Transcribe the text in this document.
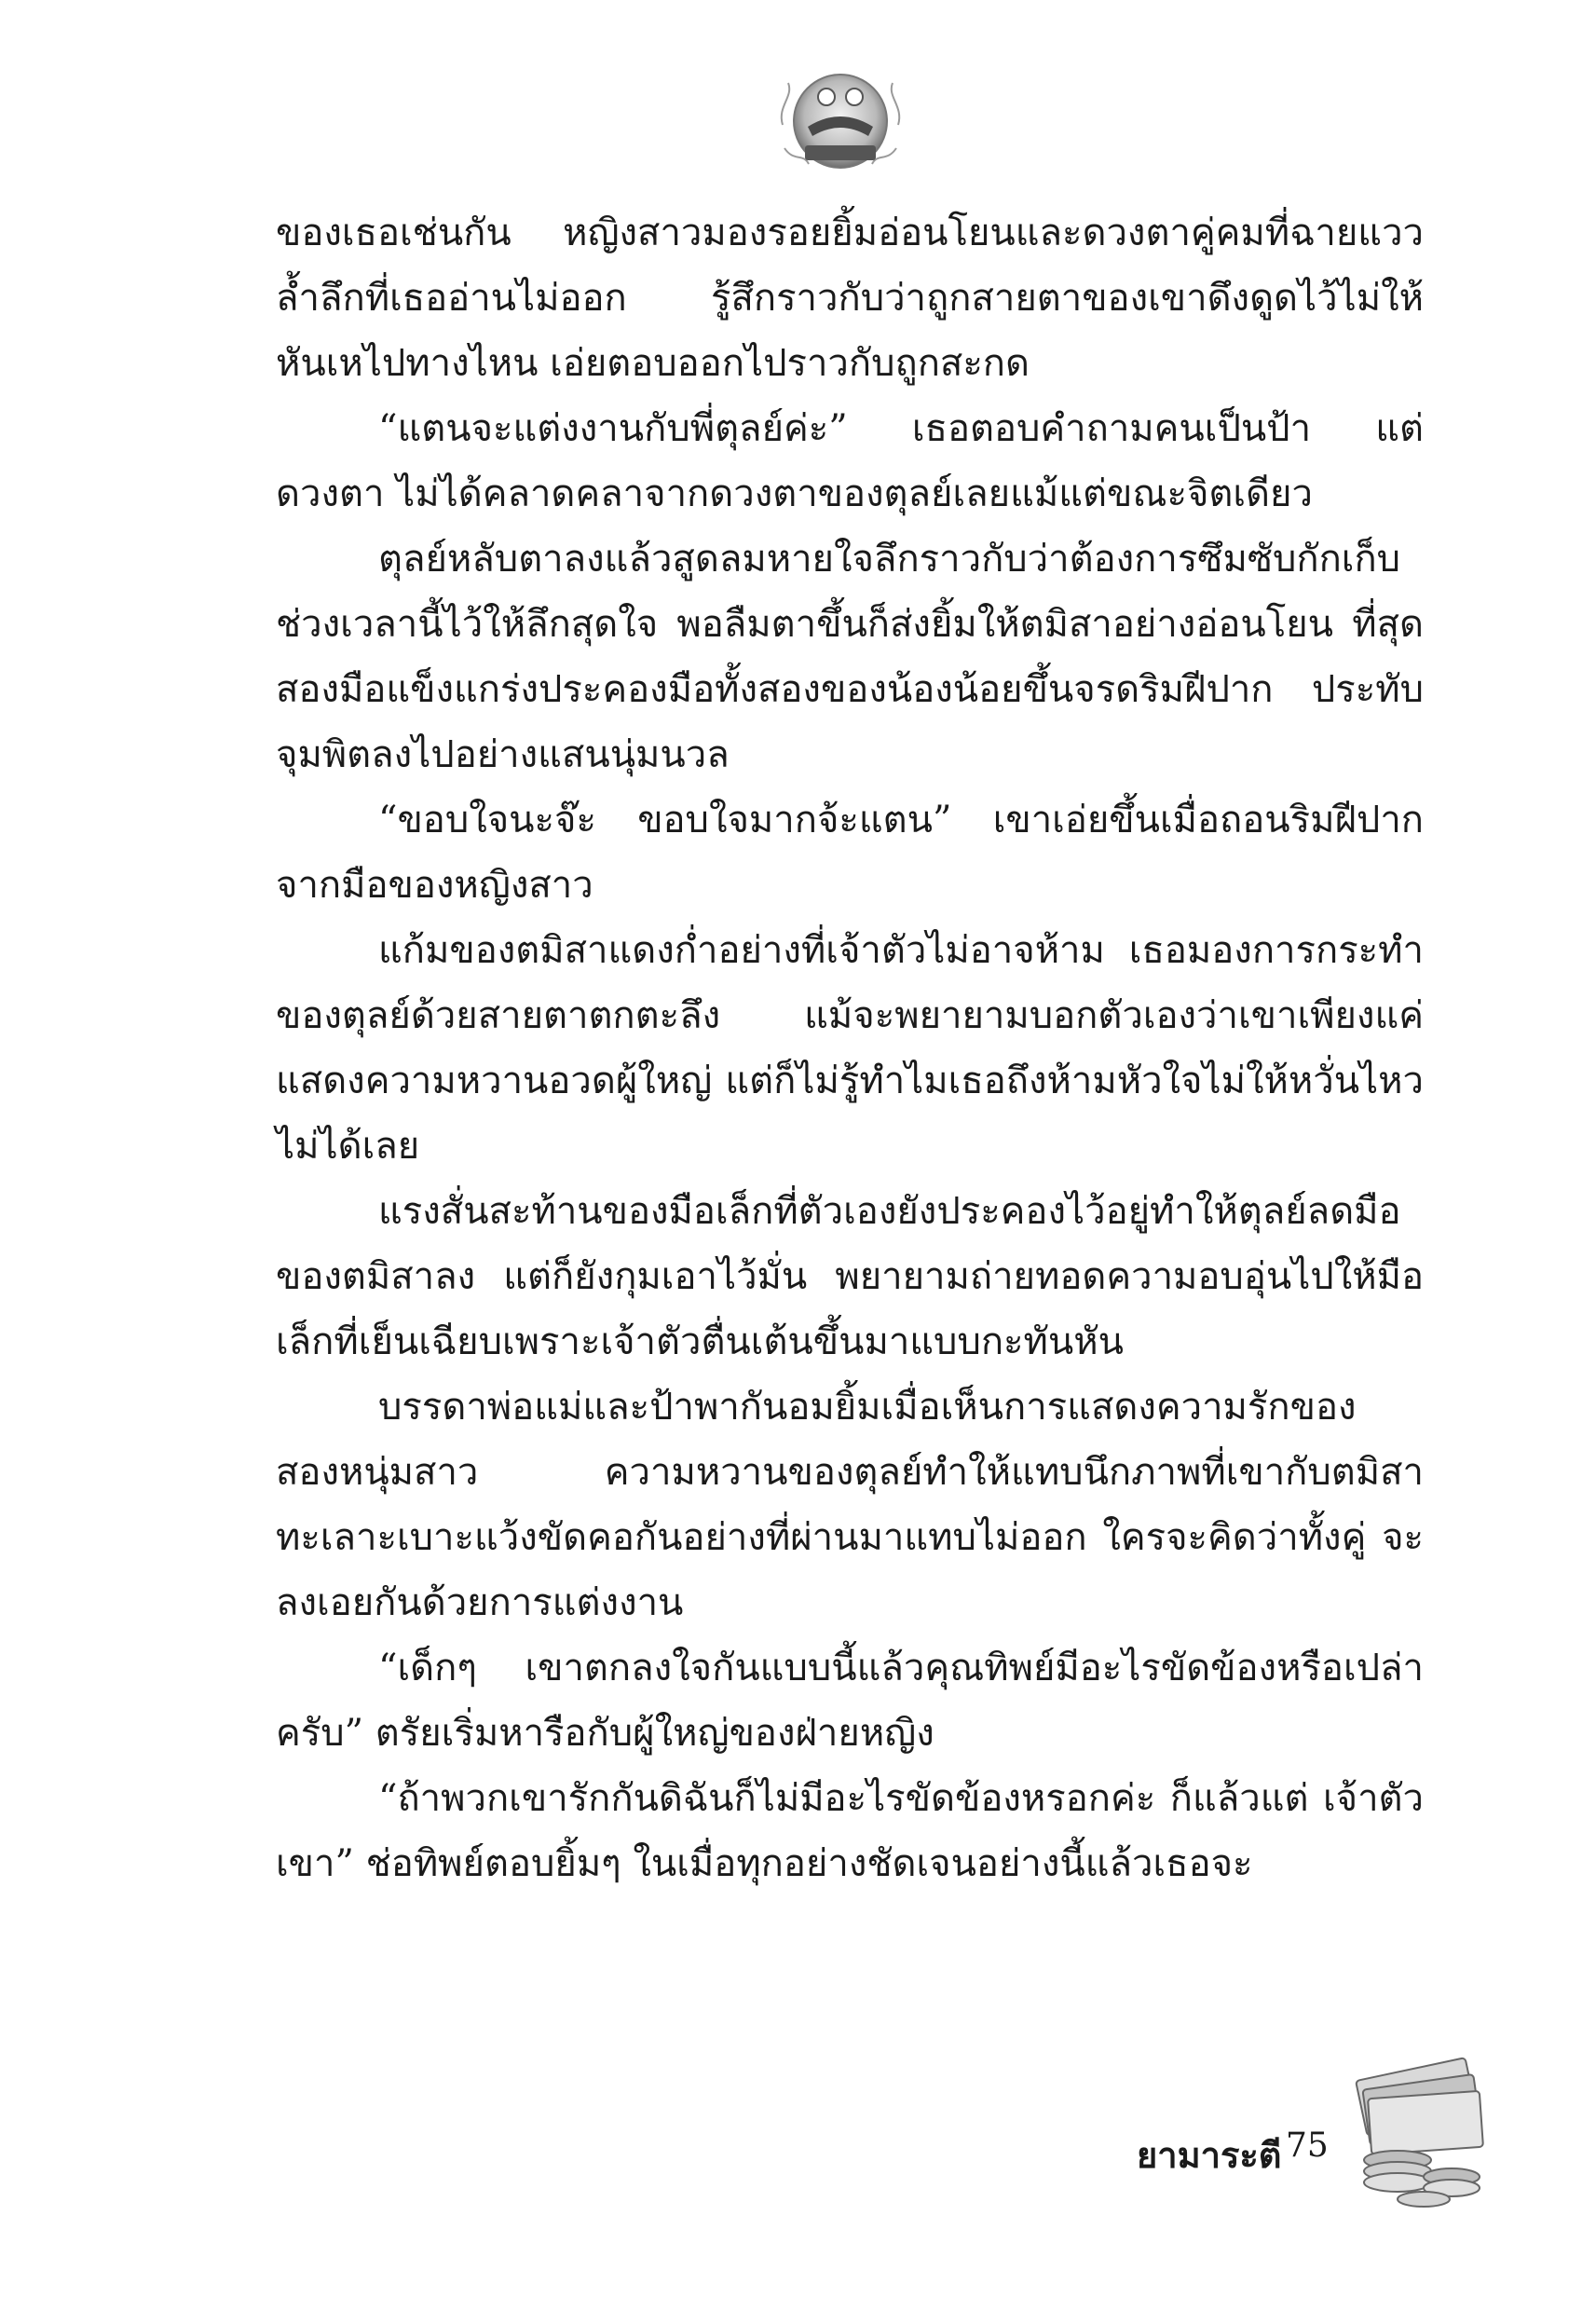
ของเธอเช่นกัน หญิงสาวมองรอยยิ้มอ่อนโยนและดวงตาคู่คมที่ฉายแวว ล้ำลึกที่เธออ่านไม่ออก รู้สึกราวกับว่าถูกสายตาของเขาดึงดูดไว้ไม่ให้ หันเหไปทางไหน เอ่ยตอบออกไปราวกับถูกสะกด

“แตนจะแต่งงานกับพี่ตุลย์ค่ะ” เธอตอบคำถามคนเป็นป้า แต่ดวงตา ไม่ได้คลาดคลาจากดวงตาของตุลย์เลยแม้แต่ขณะจิตเดียว

ตุลย์หลับตาลงแล้วสูดลมหายใจลึกราวกับว่าต้องการซึมซับกักเก็บ ช่วงเวลานี้ไว้ให้ลึกสุดใจ พอลืมตาขึ้นก็ส่งยิ้มให้ตมิสาอย่างอ่อนโยน ที่สุด สองมือแข็งแกร่งประคองมือทั้งสองของน้องน้อยขึ้นจรดริมฝีปาก ประทับจุมพิตลงไปอย่างแสนนุ่มนวล

“ขอบใจนะจ๊ะ ขอบใจมากจ้ะแตน” เขาเอ่ยขึ้นเมื่อถอนริมฝีปาก จากมือของหญิงสาว

แก้มของตมิสาแดงก่ำอย่างที่เจ้าตัวไม่อาจห้าม เธอมองการกระทำ ของตุลย์ด้วยสายตาตกตะลึง แม้จะพยายามบอกตัวเองว่าเขาเพียงแค่ แสดงความหวานอวดผู้ใหญ่ แต่ก็ไม่รู้ทำไมเธอถึงห้ามหัวใจไม่ให้หวั่นไหว ไม่ได้เลย

แรงสั่นสะท้านของมือเล็กที่ตัวเองยังประคองไว้อยู่ทำให้ตุลย์ลดมือ ของตมิสาลง แต่ก็ยังกุมเอาไว้มั่น พยายามถ่ายทอดความอบอุ่นไปให้มือ เล็กที่เย็นเฉียบเพราะเจ้าตัวตื่นเต้นขึ้นมาแบบกะทันหัน

บรรดาพ่อแม่และป้าพากันอมยิ้มเมื่อเห็นการแสดงความรักของ สองหนุ่มสาว ความหวานของตุลย์ทำให้แทบนึกภาพที่เขากับตมิสา ทะเลาะเบาะแว้งขัดคอกันอย่างที่ผ่านมาแทบไม่ออก ใครจะคิดว่าทั้งคู่ จะลงเอยกันด้วยการแต่งงาน

“เด็กๆ เขาตกลงใจกันแบบนี้แล้วคุณทิพย์มีอะไรขัดข้องหรือเปล่า ครับ” ตรัยเริ่มหารือกับผู้ใหญ่ของฝ่ายหญิง

“ถ้าพวกเขารักกันดิฉันก็ไม่มีอะไรขัดข้องหรอกค่ะ ก็แล้วแต่ เจ้าตัวเขา” ช่อทิพย์ตอบยิ้มๆ ในเมื่อทุกอย่างชัดเจนอย่างนี้แล้วเธอจะ

ยามาระตี 75
